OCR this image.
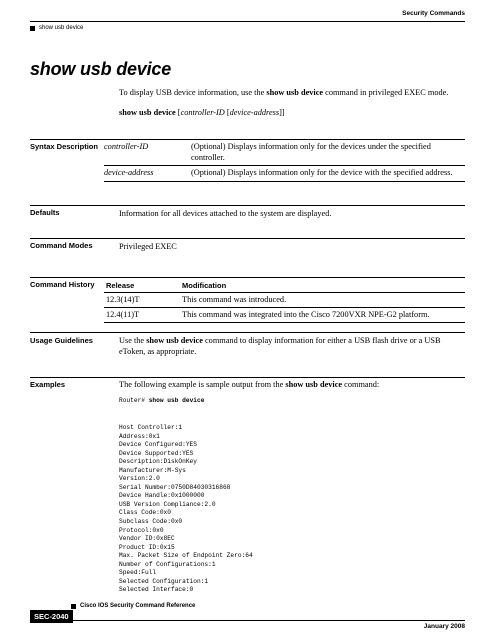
Security Commands
show usb device
show usb device
To display USB device information, use the show usb device command in privileged EXEC mode.
show usb device [controller-ID [device-address]]
Syntax Description controller-ID	(Optional) Displays information only for the devices under the specified controller.
device-address	(Optional) Displays information only for the device with the specified address.
Defaults	Information for all devices attached to the system are displayed.
Command Modes	Privileged EXEC
Command History Release	Modification
12.3(14)T	This command was introduced.
12.4(11)T	This command was integrated into the Cisco 7200VXR NPE-G2 platform.
Usage Guidelines	Use the show usb device command to display information for either a USB flash drive or a USB eToken, as appropriate.
Examples	The following example is sample output from the show usb device command:
Router# show usb device
Host Controller:1
Address:0x1
Device Configured:YES
Device Supported:YES
Description:DiskOnKey
Manufacturer:M-Sys
Version:2.0
Serial Number:0750D84030316868
Device Handle:0x1000000
USB Version Compliance:2.0
Class Code:0x0
Subclass Code:0x0
Protocol:0x0
Vendor ID:0x8EC
Product ID:0x15
Max. Packet Size of Endpoint Zero:64
Number of Configurations:1
Speed:Full
Selected Configuration:1
Selected Interface:0
Cisco IOS Security Command Reference
SEC-2040
January 2008
